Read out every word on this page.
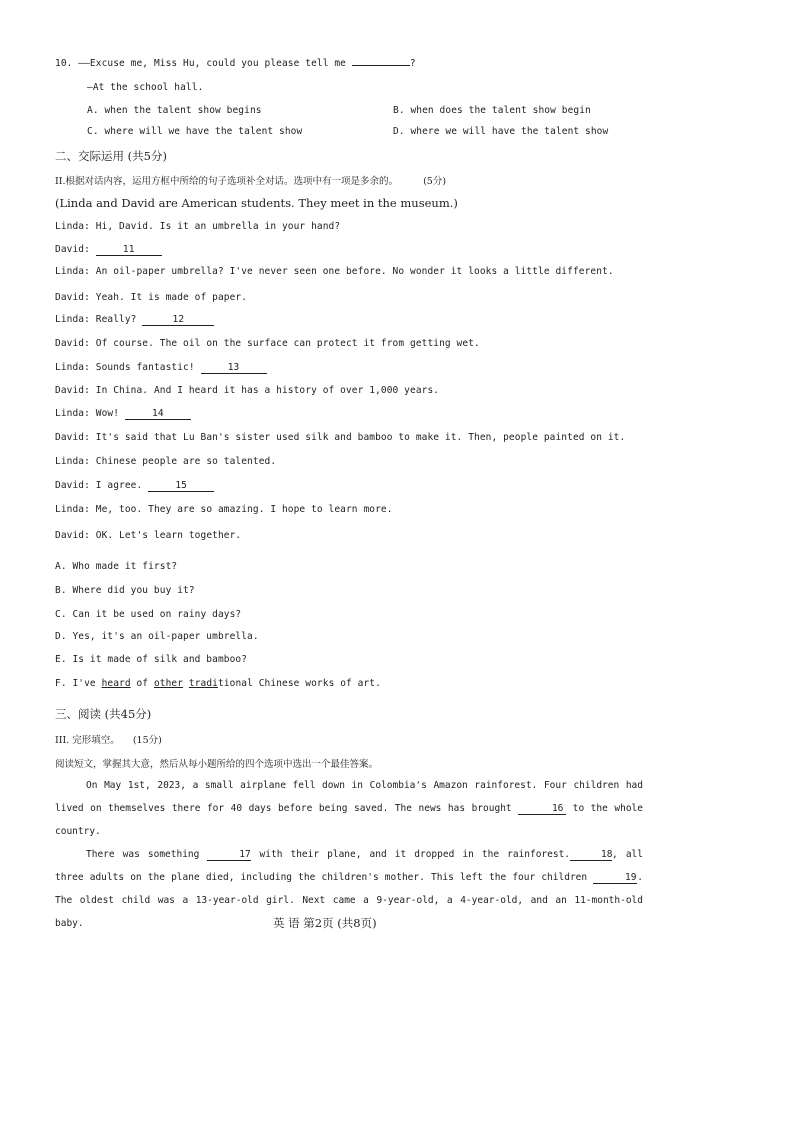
10. ——Excuse me, Miss Hu, could you please tell me	?
—At the school hall.
A. when the talent show begins	B. when does the talent show begin
C. where will we have the talent show	D. where we will have the talent show
二、交际运用 (共5分)
II.根据对话内容，运用方框中所给的句子选项补全对话。选项中有一项是多余的。	(5分)
(Linda and David are American students. They meet in the museum.)
Linda: Hi, David. Is it an umbrella in your hand?
David:	11
Linda: An oil-paper umbrella? I've never seen one before. No wonder it looks a little different.
David: Yeah. It is made of paper.
Linda: Really?	12
David: Of course. The oil on the surface can protect it from getting wet.
Linda: Sounds fantastic!	13
David: In China. And I heard it has a history of over 1,000 years.
Linda: Wow!	14
David: It's said that Lu Ban's sister used silk and bamboo to make it. Then, people painted on it.
Linda: Chinese people are so talented.
David: I agree.	15
Linda: Me, too. They are so amazing. I hope to learn more.
David: OK. Let's learn together.
A. Who made it first?
B. Where did you buy it?
C. Can it be used on rainy days?
D. Yes, it's an oil-paper umbrella.
E. Is it made of silk and bamboo?
F. I've heard of other traditional Chinese works of art.
三、阅读 (共45分)
III. 完形填空。 (15分)
阅读短文，掌握其大意，然后从每小题所给的四个选项中选出一个最佳答案。

On May 1st, 2023, a small airplane fell down in Colombia's Amazon rainforest. Four children had lived on themselves there for 40 days before being saved. The news has brought	16 to the whole country.

There was something	17 with their plane, and it dropped in the rainforest.	18, all three adults on the plane died, including the children's mother. This left the four children	19. The oldest child was a 13-year-old girl. Next came a 9-year-old, a 4-year-old, and an 11-month-old baby.	英 语 第2页 (共8页)
